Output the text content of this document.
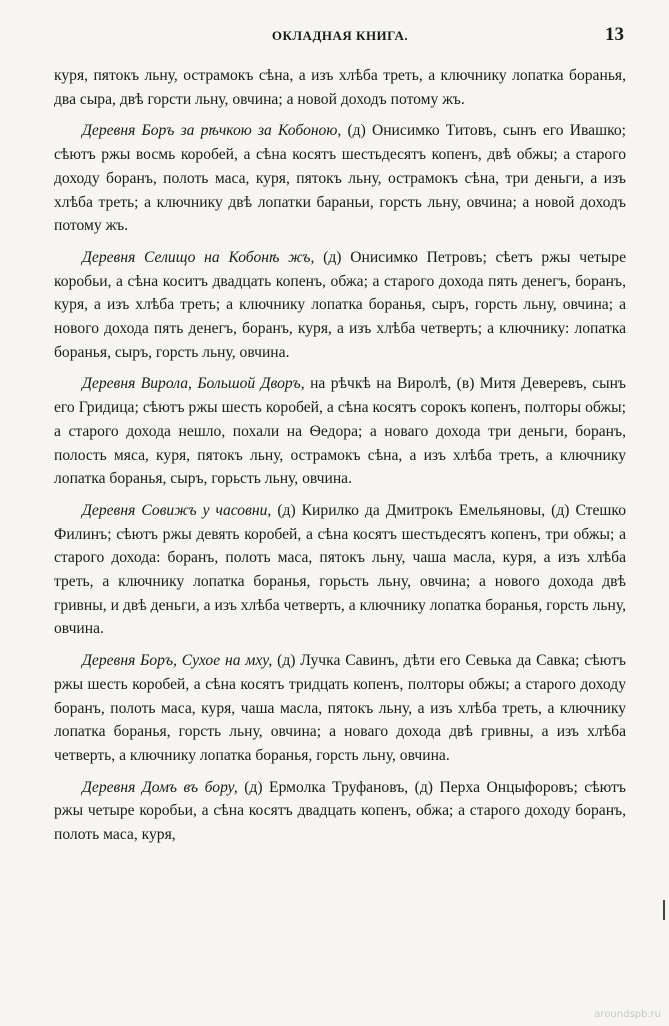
ОКЛАДНАЯ КНИГА.	13

куря, пятокъ льну, острамокъ сѣна, а изъ хлѣба треть, а ключнику лопатка боранья, два сыра, двѣ горсти льну, овчина; а новой доходъ потому жъ.

Деревня Боръ за рѣчкою за Кобоною, (д) Онисимко Титовъ, сынъ его Ивашко; сѣютъ ржы восмь коробей, а сѣна косятъ шестьдесятъ копенъ, двѣ обжы; а старого доходу боранъ, полоть маса, куря, пятокъ льну, острамокъ сѣна, три деньги, а изъ хлѣба треть; а ключнику двѣ лопатки бараньи, горсть льну, овчина; а новой доходъ потому жъ.

Деревня Селищо на Кобонѣ жъ, (д) Онисимко Петровъ; сѣетъ ржы четыре коробьи, а сѣна коситъ двадцать копенъ, обжа; а старого дохода пять денегъ, боранъ, куря, а изъ хлѣба треть; а ключнику лопатка боранья, сыръ, горсть льну, овчина; а нового дохода пять денегъ, боранъ, куря, а изъ хлѣба четверть; а ключнику: лопатка боранья, сыръ, горсть льну, овчина.

Деревня Вирола, Большой Дворъ, на рѣчкѣ на Виролѣ, (в) Митя Деверевъ, сынъ его Гридица; сѣютъ ржы шесть коробей, а сѣна косятъ сорокъ копенъ, полторы обжы; а старого дохода нешло, похали на Ѳедора; а новаго дохода три деньги, боранъ, полость мяса, куря, пятокъ льну, острамокъ сѣна, а изъ хлѣба треть, а ключнику лопатка боранья, сыръ, горьсть льну, овчина.

Деревня Совижъ у часовни, (д) Кирилко да Дмитрокъ Емельяновы, (д) Стешко Филинъ; сѣютъ ржы девять коробей, а сѣна косятъ шестьдесятъ копенъ, три обжы; а старого дохода: боранъ, полоть маса, пятокъ льну, чаша масла, куря, а изъ хлѣба треть, а ключнику лопатка боранья, горьсть льну, овчина; а нового дохода двѣ гривны, и двѣ деньги, а изъ хлѣба четверть, а ключнику лопатка боранья, горсть льну, овчина.

Деревня Боръ, Сухое на мху, (д) Лучка Савинъ, дѣти его Севька да Савка; сѣютъ ржы шесть коробей, а сѣна косятъ тридцать копенъ, полторы обжы; а старого доходу боранъ, полоть маса, куря, чаша масла, пятокъ льну, а изъ хлѣба треть, а ключнику лопатка боранья, горсть льну, овчина; а новаго дохода двѣ гривны, а изъ хлѣба четверть, а ключнику лопатка боранья, горсть льну, овчина.

Деревня Домъ въ бору, (д) Ермолка Труфановъ, (д) Перха Онцыфоровъ; сѣютъ ржы четыре коробьи, а сѣна косятъ двадцать копенъ, обжа; а старого доходу боранъ, полоть маса, куря,

aroundspb.ru
